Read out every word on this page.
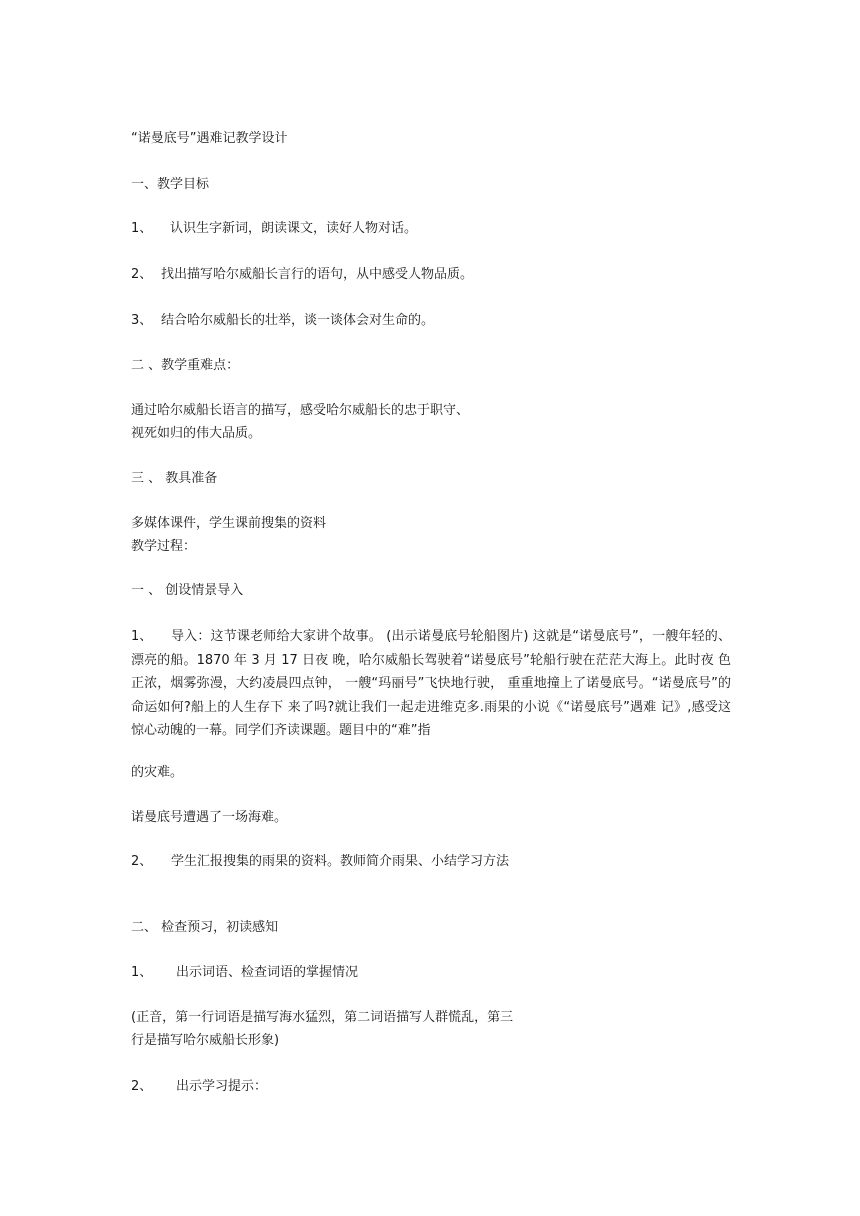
“诺曼底号”遇难记教学设计
一、教学目标
1、 认识生字新词，朗读课文，读好人物对话。
2、 找出描写哈尔威船长言行的语句，从中感受人物品质。
3、 结合哈尔威船长的壮举，谈一谈体会对生命的。
二 、教学重难点：
通过哈尔威船长语言的描写，感受哈尔威船长的忠于职守、
视死如归的伟大品质。
三 、 教具准备
多媒体课件，学生课前搜集的资料
教学过程：
一 、 创设情景导入
1、	导入：这节课老师给大家讲个故事。 (出示诺曼底号轮船图片) 这就是“诺曼底号”，一艘年轻的、漂亮的船。1870 年 3 月 17 日夜 晚，哈尔威船长驾驶着“诺曼底号”轮船行驶在茫茫大海上。此时夜 色正浓，烟雾弥漫，大约凌晨四点钟， 一艘“玛丽号”飞快地行驶， 重重地撞上了诺曼底号。“诺曼底号”的命运如何?船上的人生存下 来了吗?就让我们一起走进维克多.雨果的小说《“诺曼底号”遇难 记》,感受这惊心动魄的一幕。同学们齐读课题。题目中的“难”指
的灾难。
诺曼底号遭遇了一场海难。
2、 学生汇报搜集的雨果的资料。教师简介雨果、小结学习方法
二、 检查预习，初读感知
1、 出示词语、检查词语的掌握情况
(正音，第一行词语是描写海水猛烈，第二词语描写人群慌乱，第三
行是描写哈尔威船长形象)
2、 出示学习提示：
